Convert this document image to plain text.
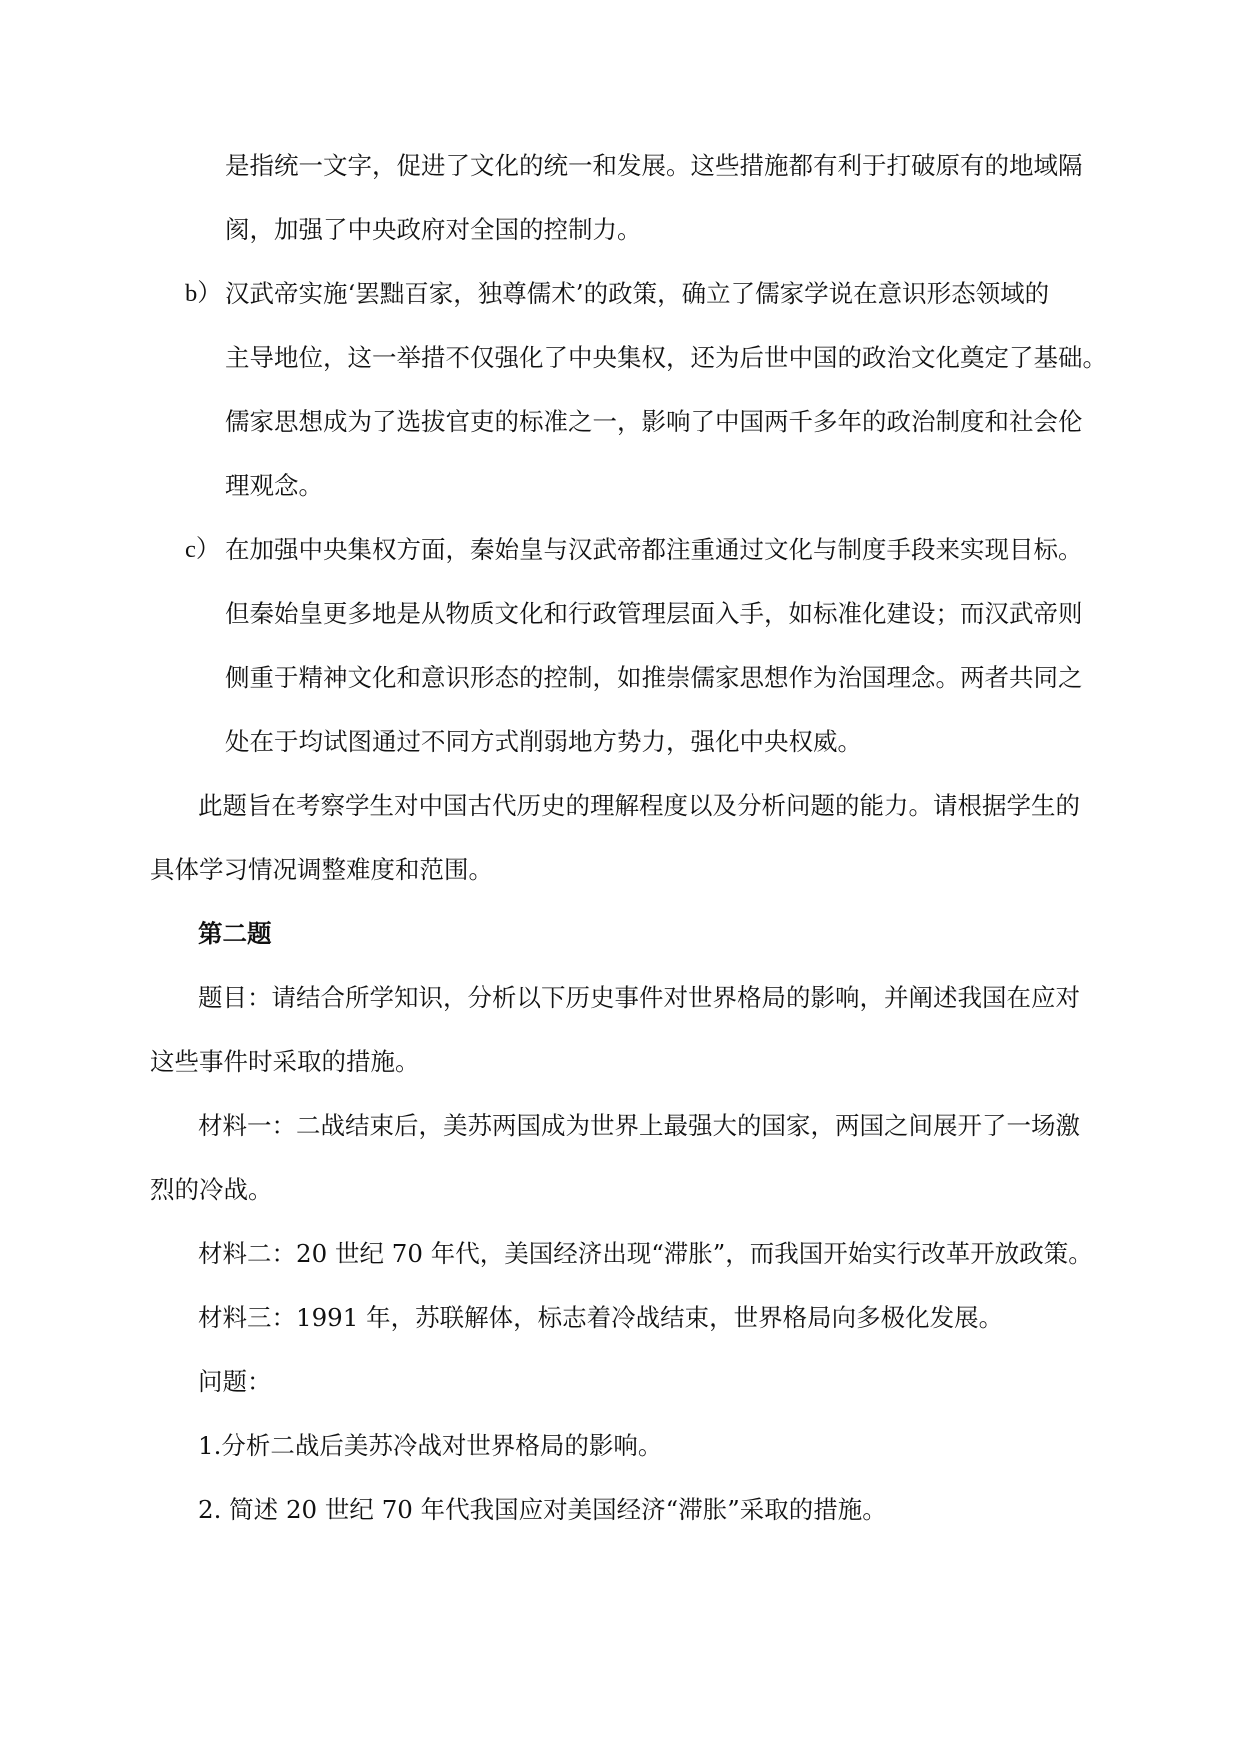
是指统一文字，促进了文化的统一和发展。这些措施都有利于打破原有的地域隔
阂，加强了中央政府对全国的控制力。
b） 汉武帝实施‘罢黜百家，独尊儒术’的政策，确立了儒家学说在意识形态领域的
主导地位，这一举措不仅强化了中央集权，还为后世中国的政治文化奠定了基础。
儒家思想成为了选拔官吏的标准之一，影响了中国两千多年的政治制度和社会伦
理观念。
c） 在加强中央集权方面，秦始皇与汉武帝都注重通过文化与制度手段来实现目标。
但秦始皇更多地是从物质文化和行政管理层面入手，如标准化建设；而汉武帝则
侧重于精神文化和意识形态的控制，如推崇儒家思想作为治国理念。两者共同之
处在于均试图通过不同方式削弱地方势力，强化中央权威。
此题旨在考察学生对中国古代历史的理解程度以及分析问题的能力。请根据学生的
具体学习情况调整难度和范围。
第二题
题目：请结合所学知识，分析以下历史事件对世界格局的影响，并阐述我国在应对
这些事件时采取的措施。
材料一：二战结束后，美苏两国成为世界上最强大的国家，两国之间展开了一场激
烈的冷战。
材料二：20 世纪 70 年代，美国经济出现“滞胀”，而我国开始实行改革开放政策。
材料三：1991 年，苏联解体，标志着冷战结束，世界格局向多极化发展。
问题：
1.分析二战后美苏冷战对世界格局的影响。
2. 简述 20 世纪 70 年代我国应对美国经济“滞胀”采取的措施。
